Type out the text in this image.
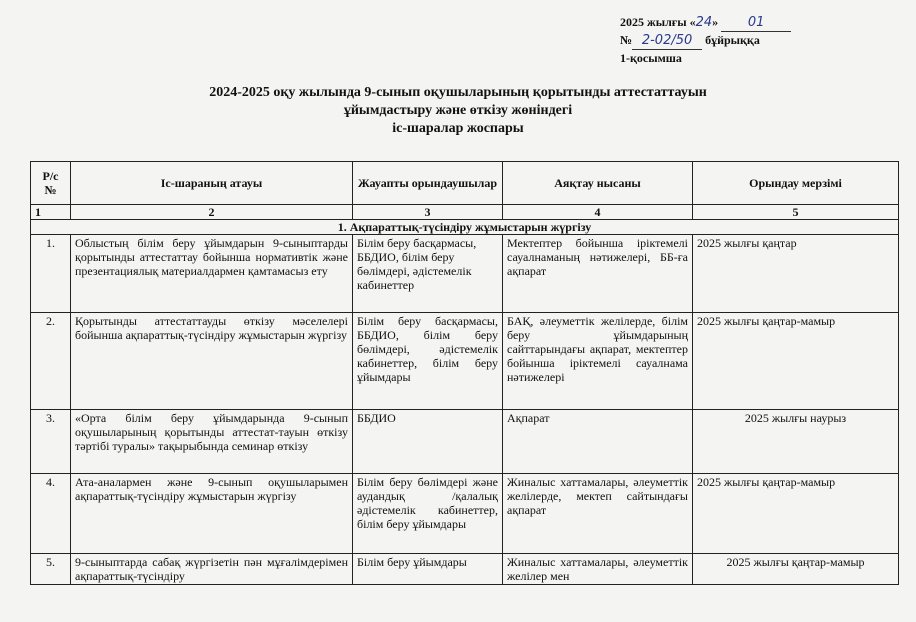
2025 жылғы «24» 01
№ 2-02/50 бұйрыққа
1-қосымша
2024-2025 оқу жылында 9-сынып оқушыларының қорытынды аттестаттауын
ұйымдастыру және өткізу жөніндегі
іс-шаралар жоспары
Р/с №	Іс-шараның атауы	Жауапты орындаушылар	Аяқтау нысаны	Орындау мерзімі
1	2	3	4	5
1. Ақпараттық-түсіндіру жұмыстарын жүргізу				
1.	Облыстың білім беру ұйымдарын 9-сыныптарды қорытынды аттестаттау бойынша нормативтік және презентациялық материалдармен қамтамасыз ету	Білім беру басқармасы, ББДИО, білім беру бөлімдері, әдістемелік кабинеттер	Мектептер бойынша іріктемелі сауалнаманың нәтижелері, ББ-ға ақпарат	2025 жылғы қаңтар
2.	Қорытынды аттестаттауды өткізу мәселелері бойынша ақпараттық-түсіндіру жұмыстарын жүргізу	Білім беру басқармасы, ББДИО, білім беру бөлімдері, әдістемелік кабинеттер, білім беру ұйымдары	БАҚ, әлеуметтік желілерде, білім беру ұйымдарының сайттарындағы ақпарат, мектептер бойынша іріктемелі сауалнама нәтижелері	2025 жылғы қаңтар-мамыр
3.	«Орта білім беру ұйымдарында 9-сынып оқушыларының қорытынды аттестат-тауын өткізу тәртібі туралы» тақырыбында семинар өткізу	ББДИО	Ақпарат	2025 жылғы наурыз
4.	Ата-аналармен және 9-сынып оқушыларымен ақпараттық-түсіндіру жұмыстарын жүргізу	Білім беру бөлімдері және аудандық /қалалық әдістемелік кабинеттер, білім беру ұйымдары	Жиналыс хаттамалары, әлеуметтік желілерде, мектеп сайтындағы ақпарат	2025 жылғы қаңтар-мамыр
5.	9-сыныптарда сабақ жүргізетін пән мұғалімдерімен ақпараттық-түсіндіру	Білім беру ұйымдары	Жиналыс хаттамалары, әлеуметтік желілер мен	2025 жылғы қаңтар-мамыр
